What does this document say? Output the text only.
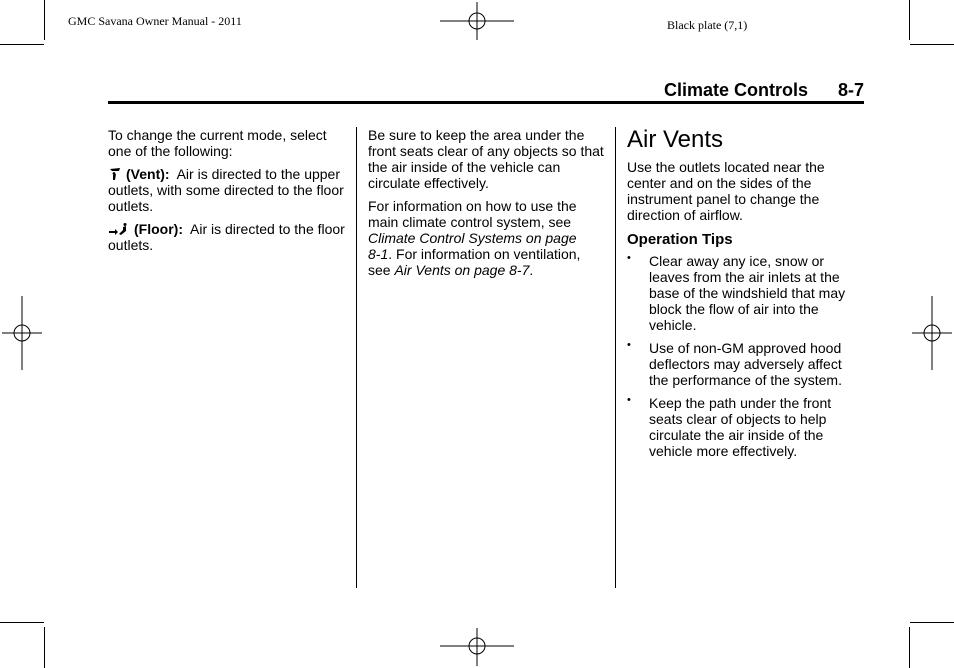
GMC Savana Owner Manual - 2011	Black plate (7,1)
Climate Controls 8-7

To change the current mode, select one of the following:

(Vent): Air is directed to the upper outlets, with some directed to the floor outlets.

(Floor): Air is directed to the floor outlets.

Be sure to keep the area under the front seats clear of any objects so that the air inside of the vehicle can circulate effectively.

For information on how to use the main climate control system, see
Climate Control Systems on page 8‑1. For information on ventilation, see Air Vents on page 8‑7.

Air Vents

Use the outlets located near the center and on the sides of the instrument panel to change the direction of airflow.

Operation Tips
• Clear away any ice, snow or leaves from the air inlets at the base of the windshield that may block the flow of air into the vehicle.
• Use of non-GM approved hood deflectors may adversely affect the performance of the system.
• Keep the path under the front seats clear of objects to help circulate the air inside of the vehicle more effectively.
